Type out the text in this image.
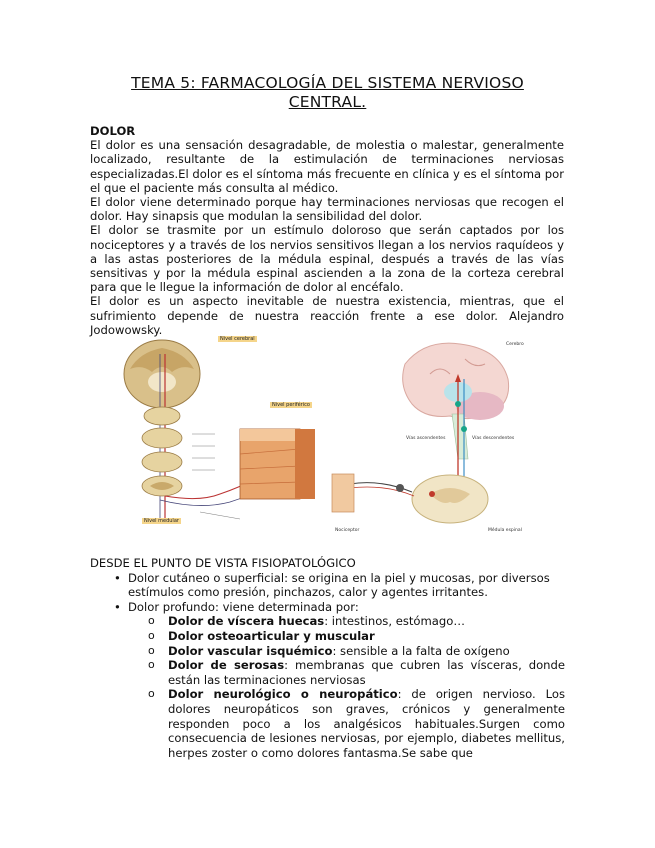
TEMA 5: FARMACOLOGÍA DEL SISTEMA NERVIOSO CENTRAL.

DOLOR

El dolor es una sensación desagradable, de molestia o malestar, generalmente localizado, resultante de la estimulación de terminaciones nerviosas especializadas.El dolor es el síntoma más frecuente en clínica y es el síntoma por el que el paciente más consulta al médico.

El dolor viene determinado porque hay terminaciones nerviosas que recogen el dolor. Hay sinapsis que modulan la sensibilidad del dolor.

El dolor se trasmite por un estímulo doloroso que serán captados por los nociceptores y a través de los nervios sensitivos llegan a los nervios raquídeos y a las astas posteriores de la médula espinal, después a través de las vías sensitivas y por la médula espinal ascienden a la zona de la corteza cerebral para que le llegue la información de dolor al encéfalo.

El dolor es un aspecto inevitable de nuestra existencia, mientras, que el sufrimiento depende de nuestra reacción frente a ese dolor. Alejandro Jodowowsky.

Nivel cerebral
Nivel periférico
Nivel medular
Cerebro
Vías ascendentes	Vías descendentes
Nociceptor	Médula espinal
DESDE EL PUNTO DE VISTA FISIOPATOLÓGICO
• Dolor cutáneo o superficial: se origina en la piel y mucosas, por diversos estímulos como presión, pinchazos, calor y agentes irritantes.
• Dolor profundo: viene determinada por:
o Dolor de víscera huecas: intestinos, estómago…
o Dolor osteoarticular y muscular
o Dolor vascular isquémico: sensible a la falta de oxígeno
o Dolor de serosas: membranas que cubren las vísceras, donde están las terminaciones nerviosas
o Dolor neurológico o neuropático: de origen nervioso. Los dolores neuropáticos son graves, crónicos y generalmente responden poco a los analgésicos habituales.Surgen como consecuencia de lesiones nerviosas, por ejemplo, diabetes mellitus, herpes zoster o como dolores fantasma.Se sabe que
